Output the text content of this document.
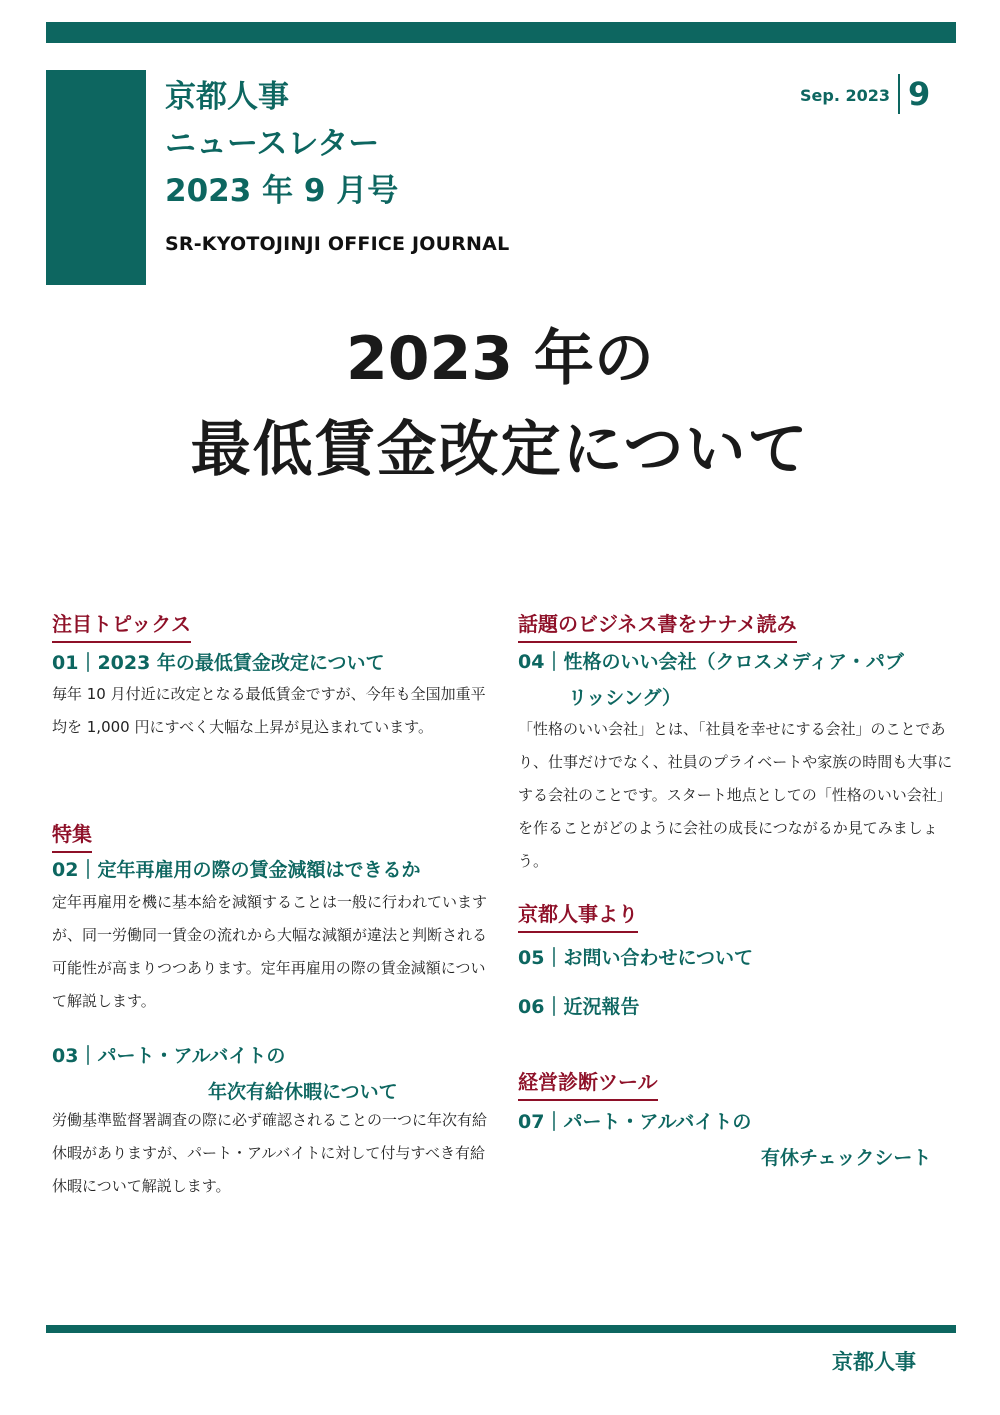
京都人事
ニュースレター
2023 年 9 月号
SR-KYOTOJINJI OFFICE JOURNAL
Sep. 2023 9
2023 年の
最低賃金改定について
注目トピックス
01｜2023 年の最低賃金改定について
毎年 10 月付近に改定となる最低賃金ですが、今年も全国加重平均を 1,000 円にすべく大幅な上昇が見込まれています。
特集
02｜定年再雇用の際の賃金減額はできるか
定年再雇用を機に基本給を減額することは一般に行われていますが、同一労働同一賃金の流れから大幅な減額が違法と判断される可能性が高まりつつあります。定年再雇用の際の賃金減額について解説します。
03｜パート・アルバイトの
年次有給休暇について
労働基準監督署調査の際に必ず確認されることの一つに年次有給休暇がありますが、パート・アルバイトに対して付与すべき有給休暇について解説します。
話題のビジネス書をナナメ読み
04｜性格のいい会社（クロスメディア・パブ
リッシング）
「性格のいい会社」とは、「社員を幸せにする会社」のことであり、仕事だけでなく、社員のプライベートや家族の時間も大事にする会社のことです。スタート地点としての「性格のいい会社」を作ることがどのように会社の成長につながるか見てみましょう。
京都人事より
05｜お問い合わせについて
06｜近況報告
経営診断ツール
07｜パート・アルバイトの
有休チェックシート
京都人事
